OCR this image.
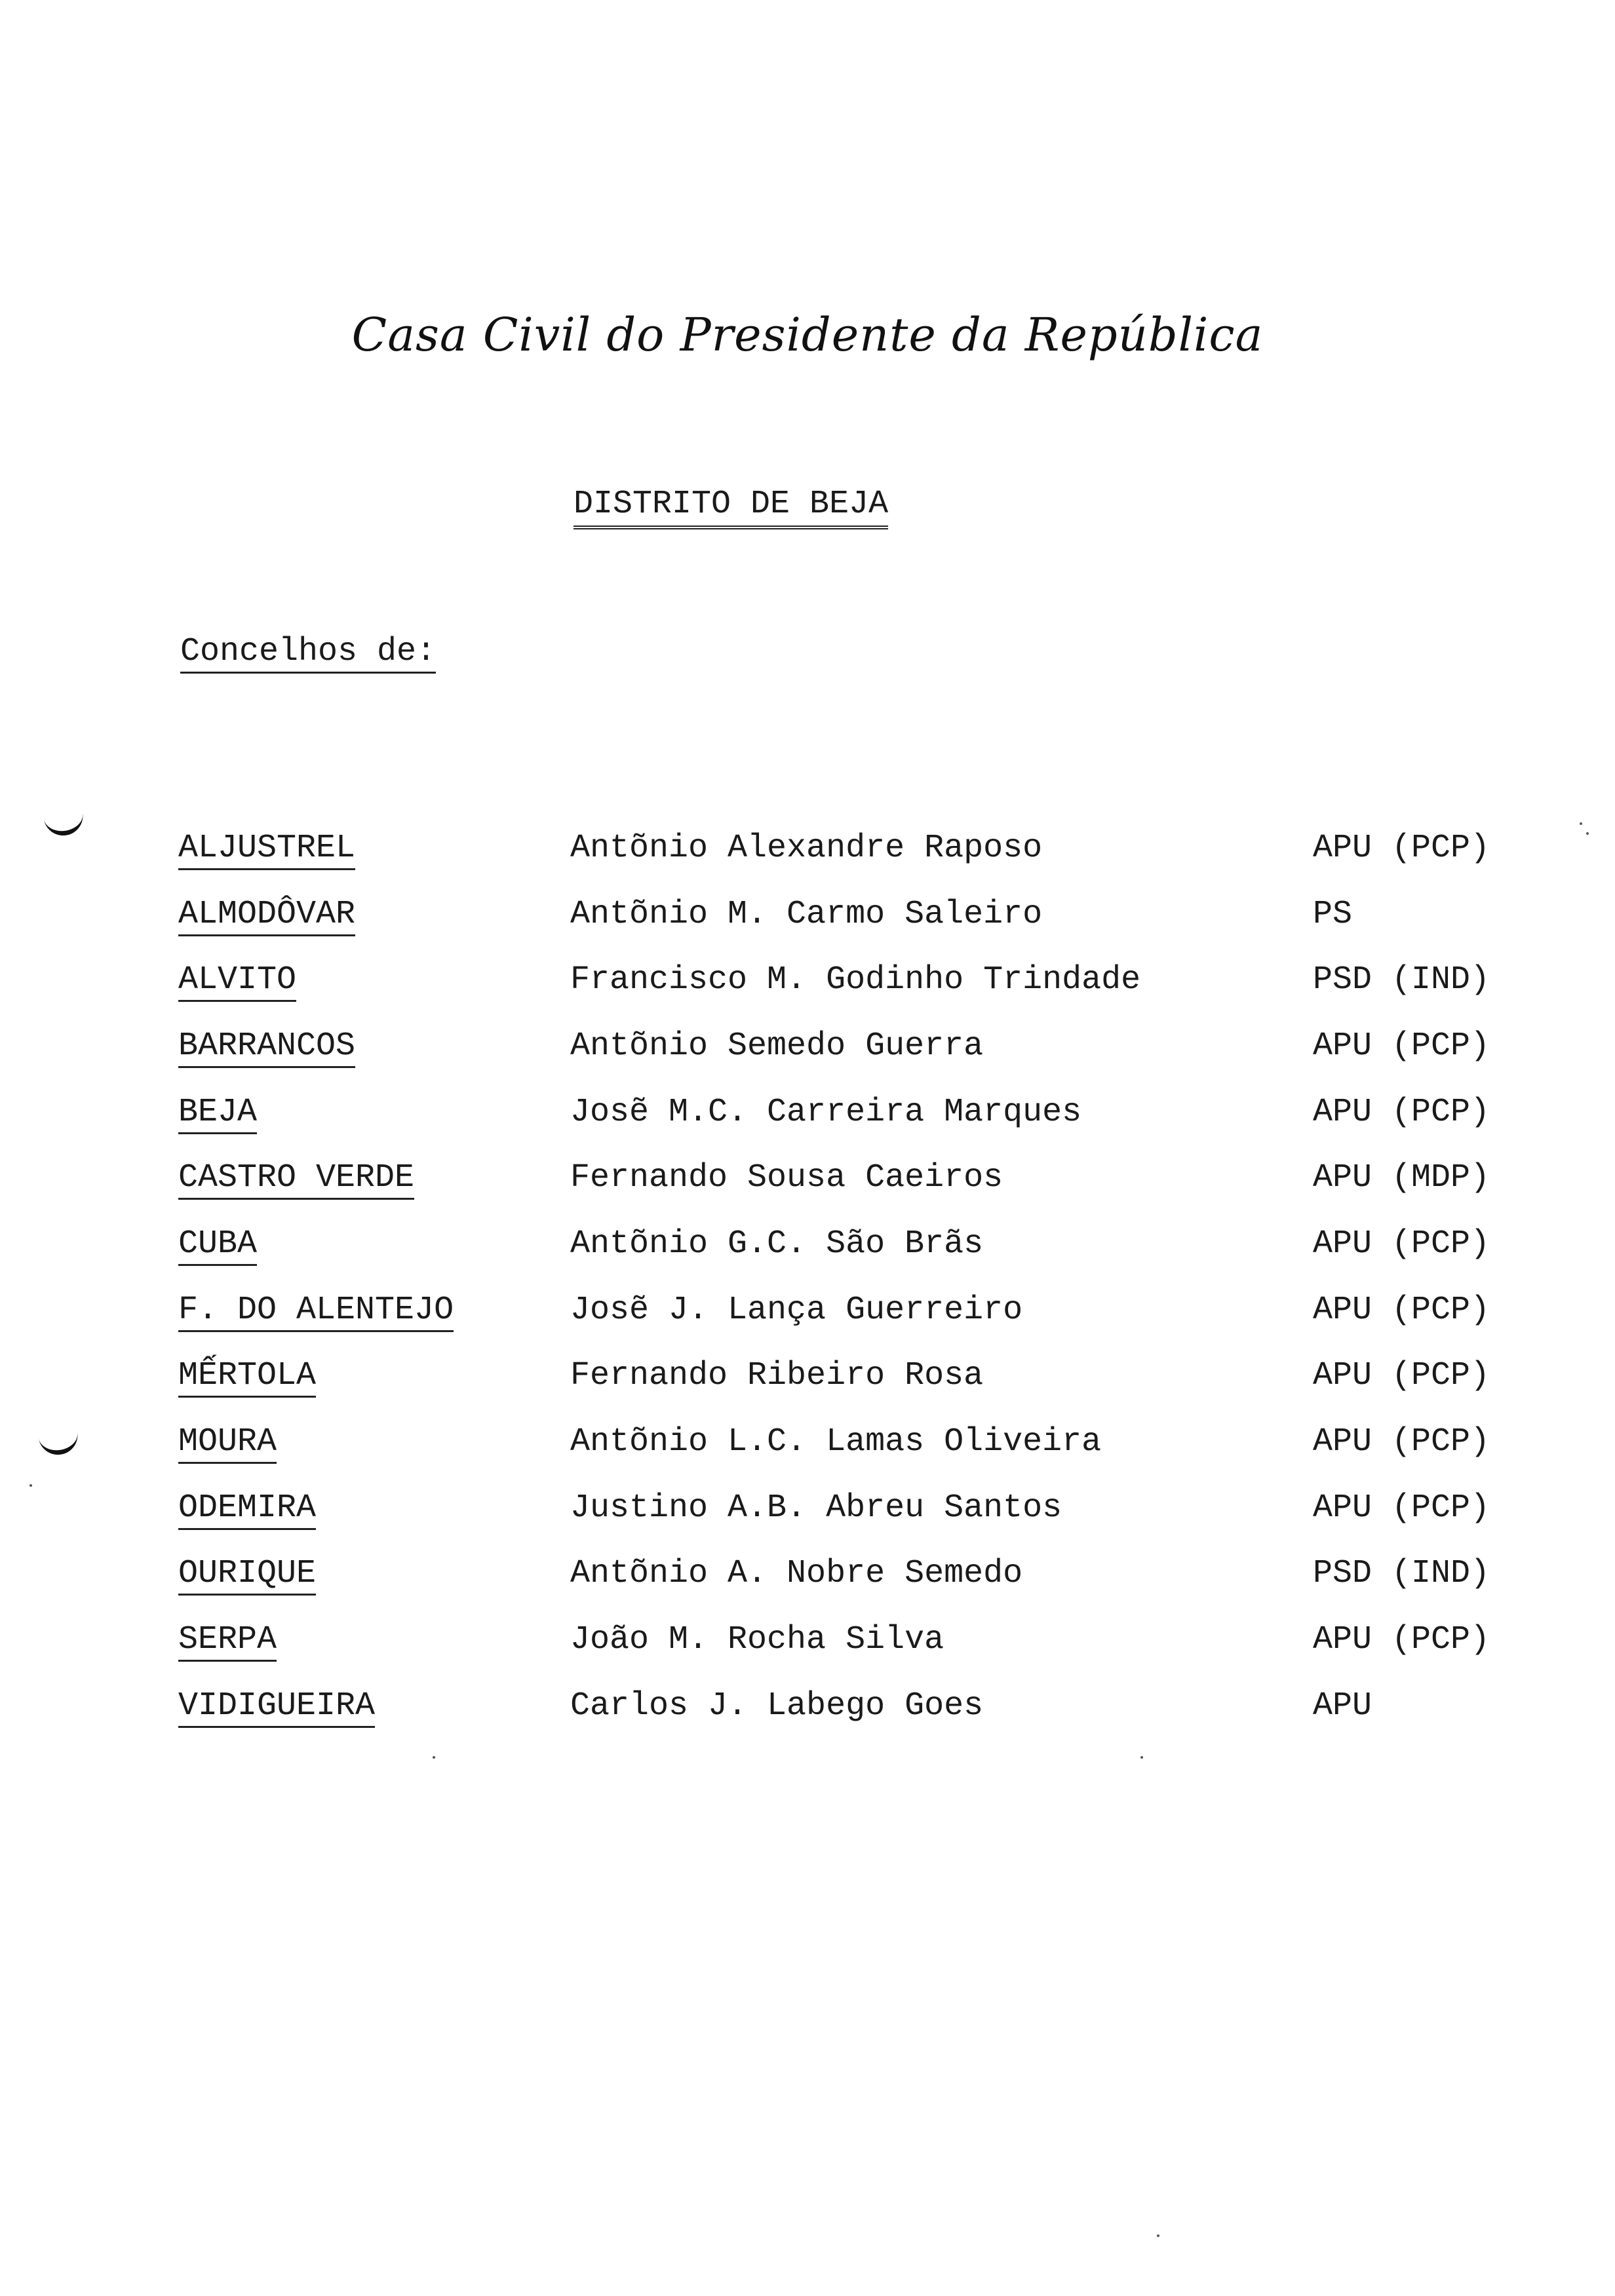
Casa Civil do Presidente da República
DISTRITO DE BEJA
Concelhos de:
ALJUSTREL	Antõnio Alexandre Raposo	APU (PCP)
ALMODÔVAR	Antõnio M. Carmo Saleiro	PS
ALVITO	Francisco M. Godinho Trindade	PSD (IND)
BARRANCOS	Antõnio Semedo Guerra	APU (PCP)
BEJA	Josẽ M.C. Carreira Marques	APU (PCP)
CASTRO VERDE	Fernando Sousa Caeiros	APU (MDP)
CUBA	Antõnio G.C. São Brãs	APU (PCP)
F. DO ALENTEJO	Josẽ J. Lança Guerreiro	APU (PCP)
MẾRTOLA	Fernando Ribeiro Rosa	APU (PCP)
MOURA	Antõnio L.C. Lamas Oliveira	APU (PCP)
ODEMIRA	Justino A.B. Abreu Santos	APU (PCP)
OURIQUE	Antõnio A. Nobre Semedo	PSD (IND)
SERPA	João M. Rocha Silva	APU (PCP)
VIDIGUEIRA	Carlos J. Labego Goes	APU
